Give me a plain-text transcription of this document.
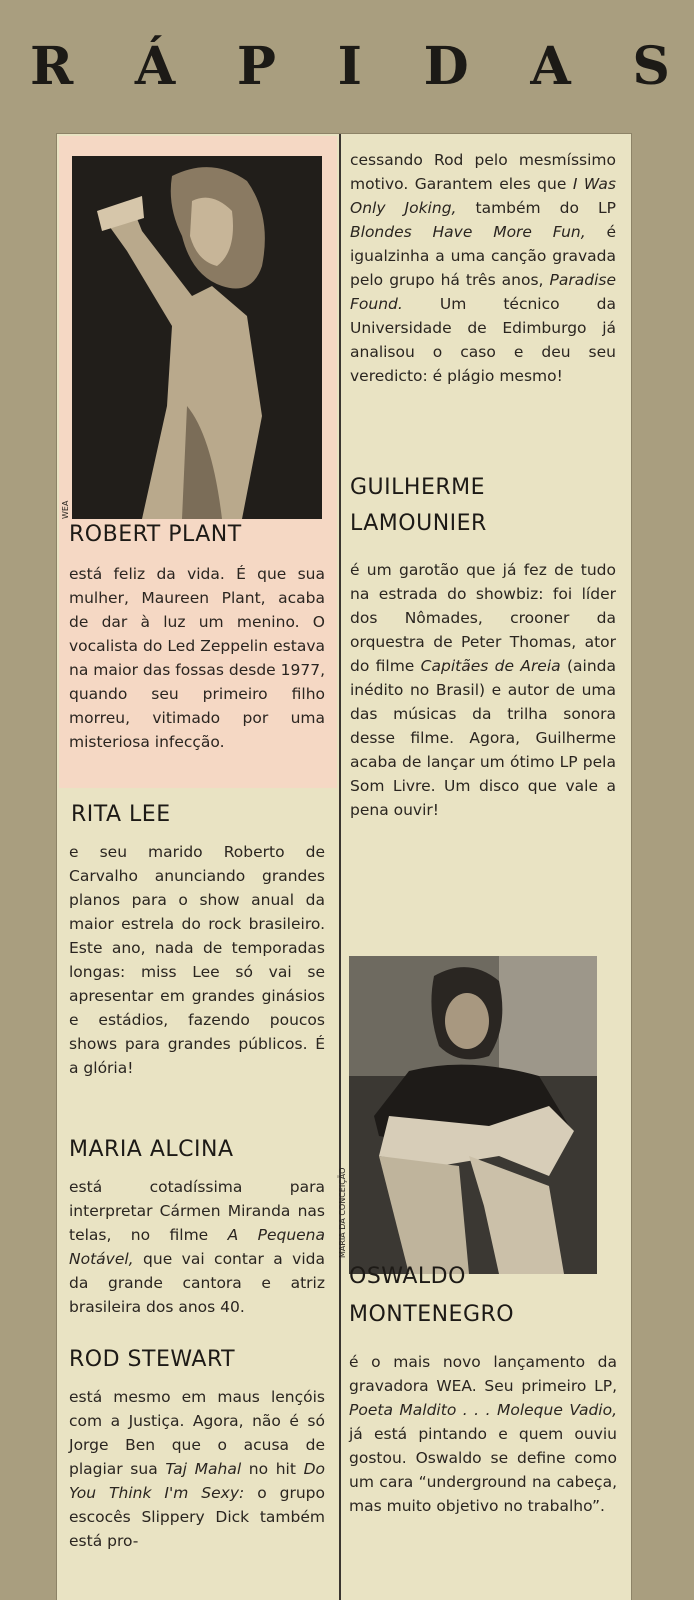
R Á P I D A S
WEA
ROBERT PLANT

está feliz da vida. É que sua mulher, Maureen Plant, acaba de dar à luz um menino. O vocalista do Led Zeppelin estava na maior das fossas desde 1977, quando seu primeiro filho morreu, vitimado por uma misteriosa infecção.

RITA LEE

e seu marido Roberto de Carvalho anunciando grandes planos para o show anual da maior estrela do rock brasileiro. Este ano, nada de temporadas longas: miss Lee só vai se apresentar em grandes ginásios e estádios, fazendo poucos shows para grandes públicos. É a glória!

MARIA ALCINA

está cotadíssima para interpretar Cármen Miranda nas telas, no filme A Pequena Notável, que vai contar a vida da grande cantora e atriz brasileira dos anos 40.

ROD STEWART

está mesmo em maus lençóis com a Justiça. Agora, não é só Jorge Ben que o acusa de plagiar sua Taj Mahal no hit Do You Think I'm Sexy: o grupo escocês Slippery Dick também está pro-

cessando Rod pelo mesmíssimo motivo. Garantem eles que I Was Only Joking, também do LP Blondes Have More Fun, é igualzinha a uma canção gravada pelo grupo há três anos, Paradise Found. Um técnico da Universidade de Edimburgo já analisou o caso e deu seu veredicto: é plágio mesmo!

GUILHERME LAMOUNIER

é um garotão que já fez de tudo na estrada do showbiz: foi líder dos Nômades, crooner da orquestra de Peter Thomas, ator do filme Capitães de Areia (ainda inédito no Brasil) e autor de uma das músicas da trilha sonora desse filme. Agora, Guilherme acaba de lançar um ótimo LP pela Som Livre. Um disco que vale a pena ouvir!

MARIA DA CONCEIÇÃO
OSWALDO MONTENEGRO

é o mais novo lançamento da gravadora WEA. Seu primeiro LP, Poeta Maldito . . . Moleque Vadio, já está pintando e quem ouviu gostou. Oswaldo se define como um cara “underground na cabeça, mas muito objetivo no trabalho”.
